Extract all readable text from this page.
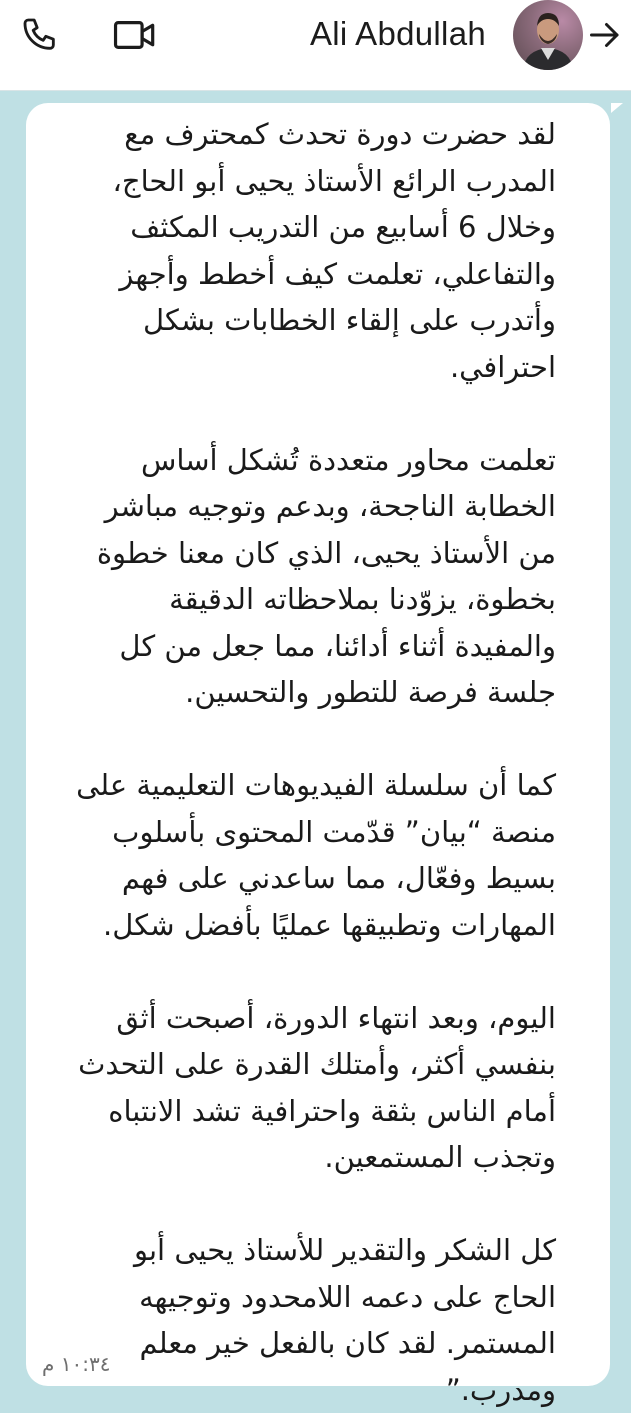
Ali Abdullah

لقد حضرت دورة تحدث كمحترف مع
المدرب الرائع الأستاذ يحيى أبو الحاج،
وخلال 6 أسابيع من التدريب المكثف
والتفاعلي، تعلمت كيف أخطط وأجهز
وأتدرب على إلقاء الخطابات بشكل
احترافي.

تعلمت محاور متعددة تُشكل أساس
الخطابة الناجحة، وبدعم وتوجيه مباشر
من الأستاذ يحيى، الذي كان معنا خطوة
بخطوة، يزوّدنا بملاحظاته الدقيقة
والمفيدة أثناء أدائنا، مما جعل من كل
جلسة فرصة للتطور والتحسين.

كما أن سلسلة الفيديوهات التعليمية على
منصة “بيان” قدّمت المحتوى بأسلوب
بسيط وفعّال، مما ساعدني على فهم
المهارات وتطبيقها عمليًا بأفضل شكل.

اليوم، وبعد انتهاء الدورة، أصبحت أثق
بنفسي أكثر، وأمتلك القدرة على التحدث
أمام الناس بثقة واحترافية تشد الانتباه
وتجذب المستمعين.

كل الشكر والتقدير للأستاذ يحيى أبو
الحاج على دعمه اللامحدود وتوجيهه
المستمر. لقد كان بالفعل خير معلم
ومدرب.”

١٠:٣٤ م
